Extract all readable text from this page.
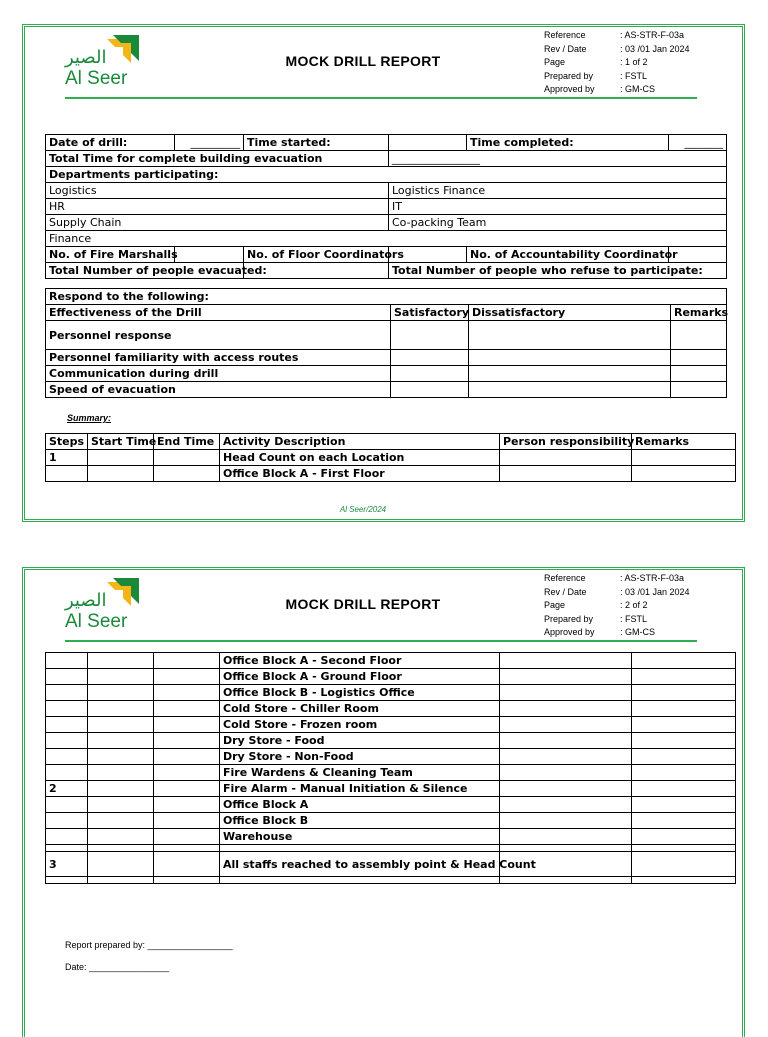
الصير
Al Seer
MOCK DRILL REPORT
Reference	: AS-STR-F-03a
Rev / Date	: 03 /01 Jan 2024
Page	: 1 of 2
Prepared by	: FSTL
Approved by	: GM-CS
Date of drill:	_________	Time started:		Time completed:	_______
Total Time for complete building evacuation			________________		
Departments participating:					
Logistics			Logistics Finance		
HR			IT		
Supply Chain			Co-packing Team		
Finance					
No. of Fire Marshalls		No. of Floor Coordinators		No. of Accountability Coordinator	
Total Number of people evacuated:			Total Number of people who refuse to participate:		
Respond to the following:			
Effectiveness of the Drill	Satisfactory	Dissatisfactory	Remarks
Personnel response			
Personnel familiarity with access routes			
Communication during drill			
Speed of evacuation			
Summary:
Steps	Start Time	End Time	Activity Description	Person responsibility	Remarks
1			Head Count on each Location		
			Office Block A - First Floor		
Al Seer/2024
الصير
Al Seer
MOCK DRILL REPORT
Reference	: AS-STR-F-03a
Rev / Date	: 03 /01 Jan 2024
Page	: 2 of 2
Prepared by	: FSTL
Approved by	: GM-CS
			Office Block A - Second Floor		
			Office Block A - Ground Floor		
			Office Block B - Logistics Office		
			Cold Store - Chiller Room		
			Cold Store - Frozen room		
			Dry Store - Food		
			Dry Store - Non-Food		
			Fire Wardens & Cleaning Team		
2			Fire Alarm - Manual Initiation & Silence		
			Office Block A		
			Office Block B		
			Warehouse		

3			All staffs reached to assembly point & Head Count		

Report prepared by: _________________
Date: ________________
